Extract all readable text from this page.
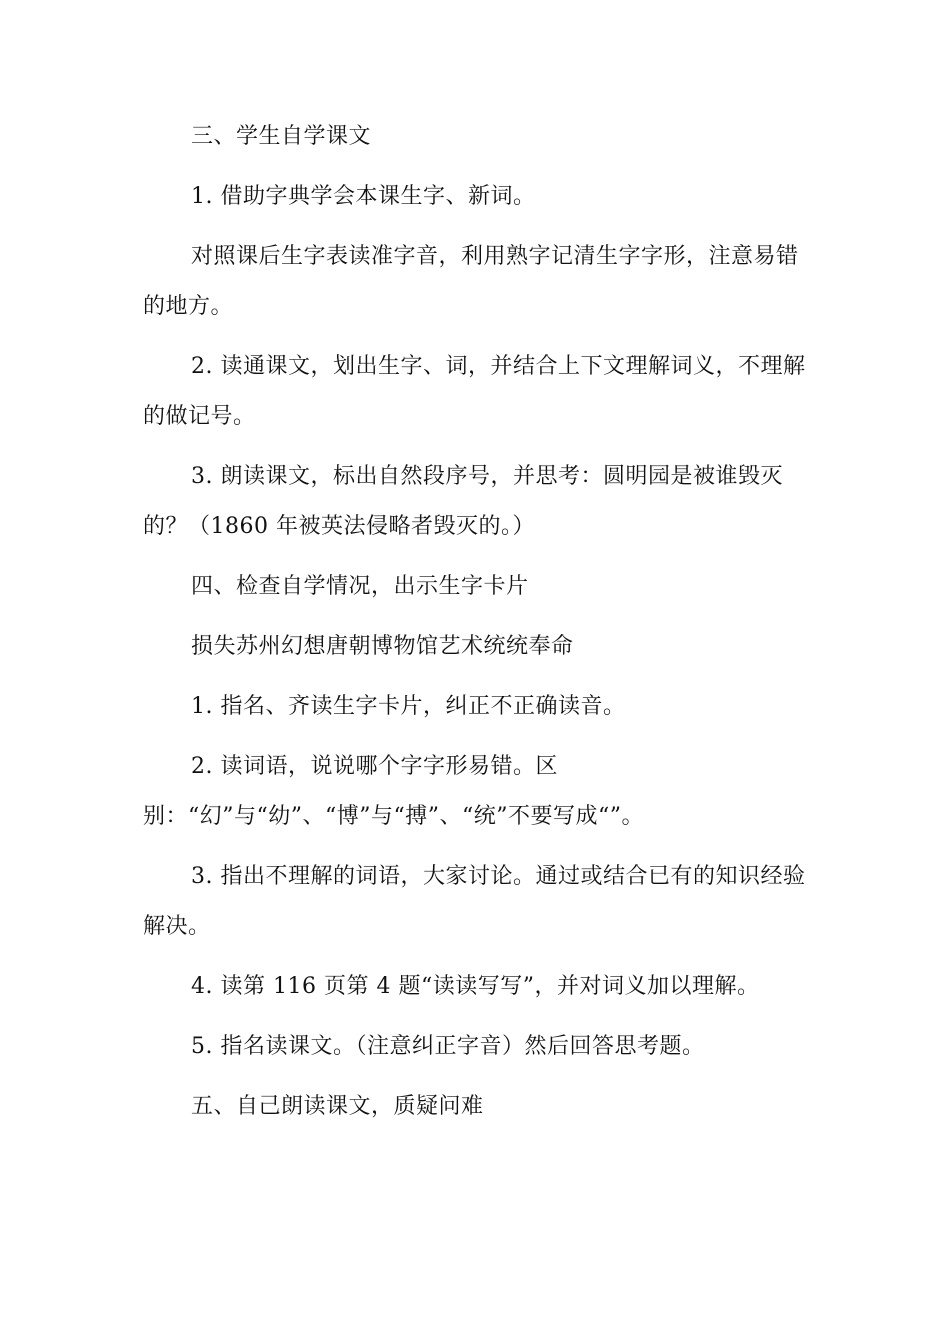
三、学生自学课文

1. 借助字典学会本课生字、新词。

对照课后生字表读准字音，利用熟字记清生字字形，注意易错的地方。

2. 读通课文，划出生字、词，并结合上下文理解词义，不理解的做记号。

3. 朗读课文，标出自然段序号，并思考：圆明园是被谁毁灭的？（1860 年被英法侵略者毁灭的。）

四、检查自学情况，出示生字卡片

损失苏州幻想唐朝博物馆艺术统统奉命

1. 指名、齐读生字卡片，纠正不正确读音。

2. 读词语，说说哪个字字形易错。区别：“幻”与“幼”、“博”与“搏”、“统”不要写成“”。

3. 指出不理解的词语，大家讨论。通过或结合已有的知识经验解决。

4. 读第 116 页第 4 题“读读写写”，并对词义加以理解。

5. 指名读课文。（注意纠正字音）然后回答思考题。

五、自己朗读课文，质疑问难
